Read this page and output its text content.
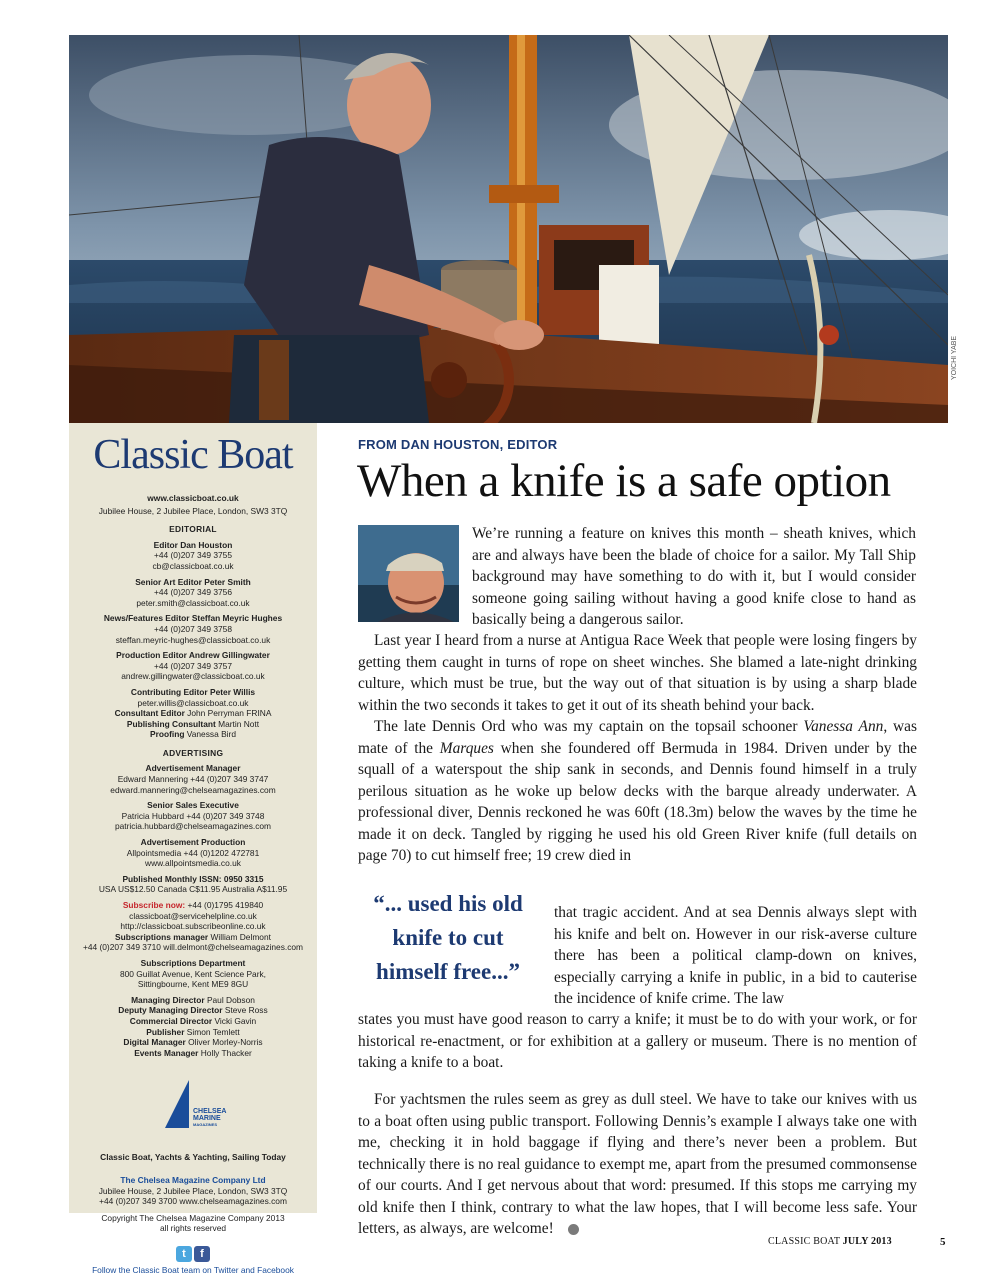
YOICHI YABE
Classic Boat
www.classicboat.co.uk
Jubilee House, 2 Jubilee Place, London, SW3 3TQ
EDITORIAL
Editor Dan Houston
+44 (0)207 349 3755
cb@classicboat.co.uk
Senior Art Editor Peter Smith
+44 (0)207 349 3756
peter.smith@classicboat.co.uk
News/Features Editor Steffan Meyric Hughes
+44 (0)207 349 3758
steffan.meyric-hughes@classicboat.co.uk
Production Editor Andrew Gillingwater
+44 (0)207 349 3757
andrew.gillingwater@classicboat.co.uk
Contributing Editor Peter Willis
peter.willis@classicboat.co.uk
Consultant Editor John Perryman FRINA
Publishing Consultant Martin Nott
Proofing Vanessa Bird
ADVERTISING
Advertisement Manager
Edward Mannering +44 (0)207 349 3747
edward.mannering@chelseamagazines.com
Senior Sales Executive
Patricia Hubbard +44 (0)207 349 3748
patricia.hubbard@chelseamagazines.com
Advertisement Production
Allpointsmedia +44 (0)1202 472781
www.allpointsmedia.co.uk
Published Monthly ISSN: 0950 3315
USA US$12.50 Canada C$11.95 Australia A$11.95
Subscribe now: +44 (0)1795 419840
classicboat@servicehelpline.co.uk
http://classicboat.subscribeonline.co.uk
Subscriptions manager William Delmont
+44 (0)207 349 3710 will.delmont@chelseamagazines.com
Subscriptions Department
800 Guillat Avenue, Kent Science Park,
Sittingbourne, Kent ME9 8GU
Managing Director Paul Dobson
Deputy Managing Director Steve Ross
Commercial Director Vicki Gavin
Publisher Simon Temlett
Digital Manager Oliver Morley-Norris
Events Manager Holly Thacker
CHELSEA
MARINE
MAGAZINES
Classic Boat, Yachts & Yachting, Sailing Today
The Chelsea Magazine Company Ltd
Jubilee House, 2 Jubilee Place, London, SW3 3TQ
+44 (0)207 349 3700 www.chelseamagazines.com
Copyright The Chelsea Magazine Company 2013
all rights reserved
t	f
Follow the Classic Boat team on Twitter and Facebook
FROM DAN HOUSTON, EDITOR
When a knife is a safe option

We’re running a feature on knives this month – sheath knives, which are and always have been the blade of choice for a sailor. My Tall Ship background may have something to do with it, but I would consider someone going sailing without having a good knife close to hand as basically being a dangerous sailor.

Last year I heard from a nurse at Antigua Race Week that people were losing fingers by getting them caught in turns of rope on sheet winches. She blamed a late-night drinking culture, which must be true, but the way out of that situation is by using a sharp blade within the two seconds it takes to get it out of its sheath behind your back.

The late Dennis Ord who was my captain on the topsail schooner Vanessa Ann, was mate of the Marques when she foundered off Bermuda in 1984. Driven under by the squall of a waterspout the ship sank in seconds, and Dennis found himself in a truly perilous situation as he woke up below decks with the barque already underwater. A professional diver, Dennis reckoned he was 60ft (18.3m) below the waves by the time he made it on deck. Tangled by rigging he used his old Green River knife (full details on page 70) to cut himself free; 19 crew died in

“... used his old knife to cut himself free...”

that tragic accident. And at sea Dennis always slept with his knife and belt on. However in our risk-averse culture there has been a political clamp-down on knives, especially carrying a knife in public, in a bid to cauterise the incidence of knife crime. The law

states you must have good reason to carry a knife; it must be to do with your work, or for historical re-enactment, or for exhibition at a gallery or museum. There is no mention of taking a knife to a boat.

For yachtsmen the rules seem as grey as dull steel. We have to take our knives with us to a boat often using public transport. Following Dennis’s example I always take one with me, checking it in hold baggage if flying and there’s never been a problem. But technically there is no real guidance to exempt me, apart from the presumed commonsense of our courts. And I get nervous about that word: presumed. If this stops me carrying my old knife then I think, contrary to what the law hopes, that I will become less safe. Your letters, as always, are welcome!	CB

CLASSIC BOAT JULY 2013	5
